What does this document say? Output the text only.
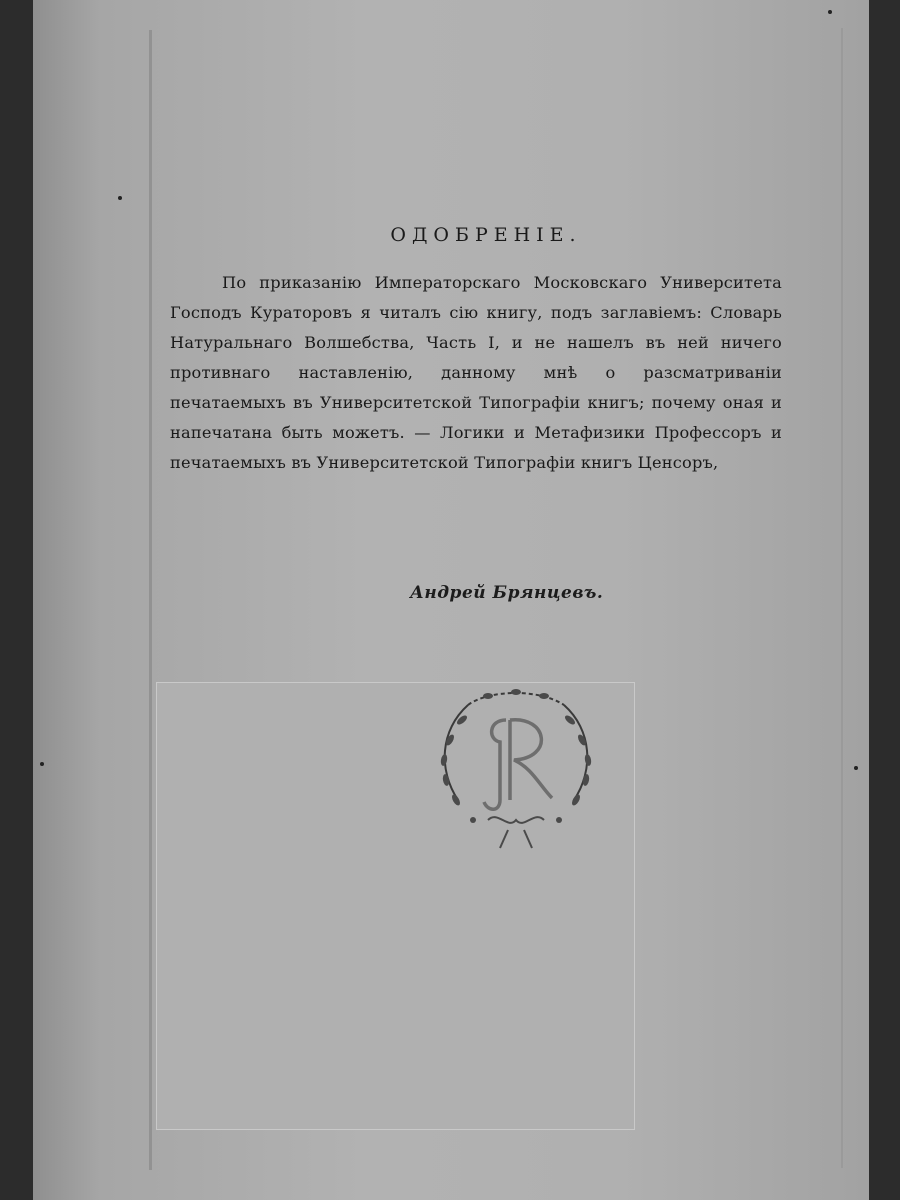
ОДОБРЕНІЕ.

По приказанію Императорскаго Московскаго Университета Господъ Кураторовъ я читалъ сію книгу, подъ заглавіемъ: Словарь Натуральнаго Волшебства, Часть I, и не нашелъ въ ней ничего противнаго наставленію, данному мнѣ о разсматриваніи печатаемыхъ въ Университетской Типографіи книгъ; почему оная и напечатана быть можетъ. — Логики и Метафизики Профессоръ и печатаемыхъ въ Университетской Типографіи книгъ Ценсоръ,

Андрей Брянцевъ.
